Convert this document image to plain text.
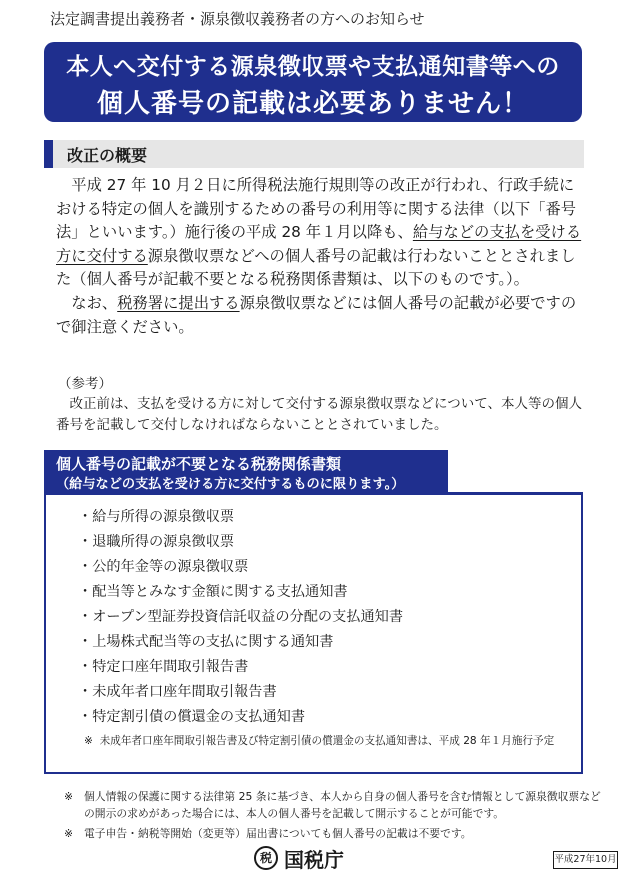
法定調書提出義務者・源泉徴収義務者の方へのお知らせ
本人へ交付する源泉徴収票や支払通知書等への
個人番号の記載は必要ありません！
改正の概要

平成 27 年 10 月２日に所得税法施行規則等の改正が行われ、行政手続における特定の個人を識別するための番号の利用等に関する法律（以下「番号法」といいます。）施行後の平成 28 年１月以降も、給与などの支払を受ける方に交付する源泉徴収票などへの個人番号の記載は行わないこととされました（個人番号が記載不要となる税務関係書類は、以下のものです。）。

なお、税務署に提出する源泉徴収票などには個人番号の記載が必要ですので御注意ください。

（参考）
改正前は、支払を受ける方に対して交付する源泉徴収票などについて、本人等の個人番号を記載して交付しなければならないこととされていました。
個人番号の記載が不要となる税務関係書類
（給与などの支払を受ける方に交付するものに限ります。）
・給与所得の源泉徴収票
・退職所得の源泉徴収票
・公的年金等の源泉徴収票
・配当等とみなす金額に関する支払通知書
・オープン型証券投資信託収益の分配の支払通知書
・上場株式配当等の支払に関する通知書
・特定口座年間取引報告書
・未成年者口座年間取引報告書
・特定割引債の償還金の支払通知書
※ 未成年者口座年間取引報告書及び特定割引債の償還金の支払通知書は、平成 28 年１月施行予定
※ 個人情報の保護に関する法律第 25 条に基づき、本人から自身の個人番号を含む情報として源泉徴収票などの開示の求めがあった場合には、本人の個人番号を記載して開示することが可能です。
※ 電子申告・納税等開始（変更等）届出書についても個人番号の記載は不要です。
税 国税庁	平成27年10月
